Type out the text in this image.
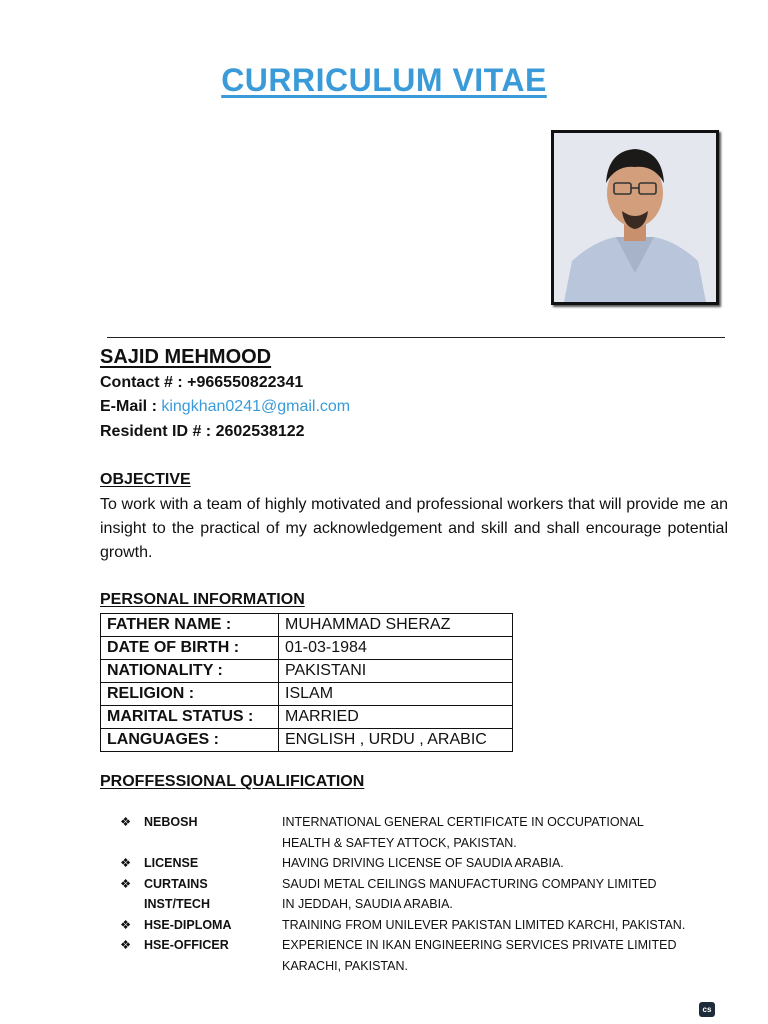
CURRICULUM VITAE
SAJID MEHMOOD
Contact # : +966550822341
E-Mail : kingkhan0241@gmail.com
Resident ID # : 2602538122
OBJECTIVE
To work with a team of highly motivated and professional workers that will provide me an insight to the practical of my acknowledgement and skill and shall encourage potential growth.
PERSONAL INFORMATION
FATHER NAME :	MUHAMMAD SHERAZ
DATE OF BIRTH :	01-03-1984
NATIONALITY :	PAKISTANI
RELIGION :	ISLAM
MARITAL STATUS :	MARRIED
LANGUAGES :	ENGLISH , URDU , ARABIC
PROFFESSIONAL QUALIFICATION
❖	NEBOSH	INTERNATIONAL GENERAL CERTIFICATE IN OCCUPATIONAL
HEALTH & SAFTEY ATTOCK, PAKISTAN.
❖	LICENSE	HAVING DRIVING LICENSE OF SAUDIA ARABIA.
❖	CURTAINS	SAUDI METAL CEILINGS MANUFACTURING COMPANY LIMITED
INST/TECH	IN JEDDAH, SAUDIA ARABIA.
❖	HSE-DIPLOMA	TRAINING FROM UNILEVER PAKISTAN LIMITED KARCHI, PAKISTAN.
❖	HSE-OFFICER	EXPERIENCE IN IKAN ENGINEERING SERVICES PRIVATE LIMITED
KARACHI, PAKISTAN.
cs
